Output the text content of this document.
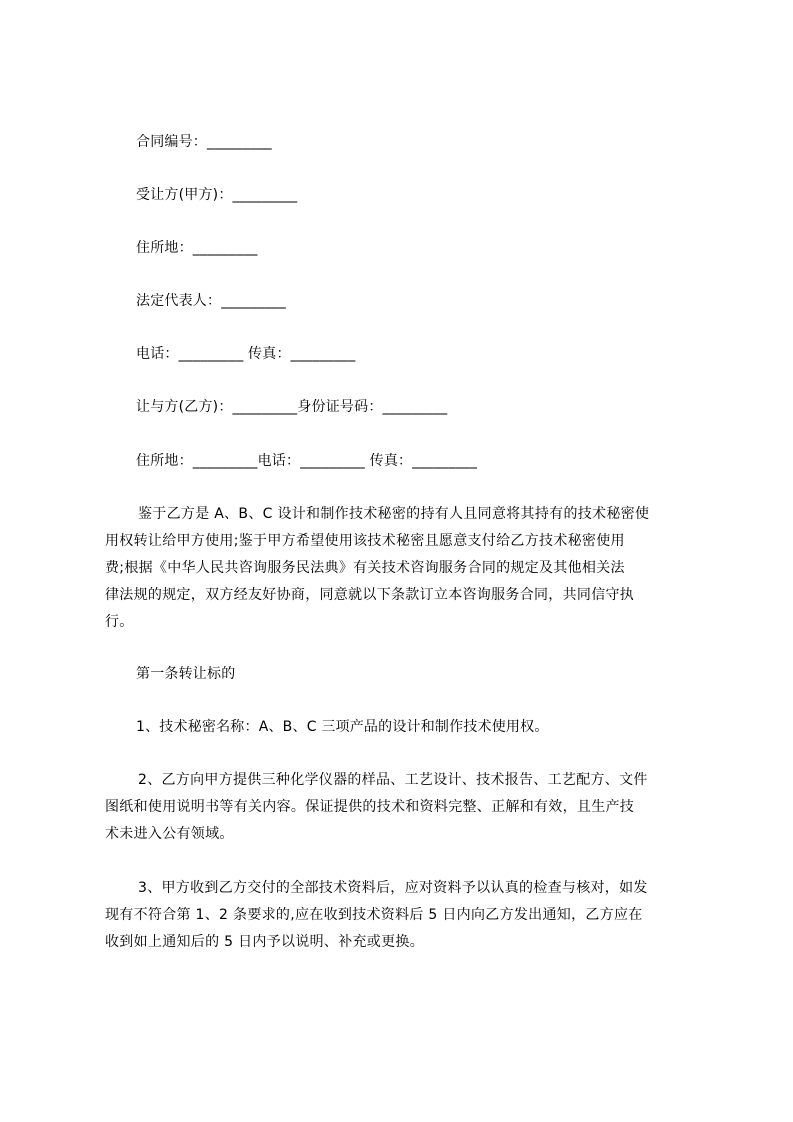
合同编号：_________
受让方(甲方)：_________
住所地：_________
法定代表人：_________
电话：_________ 传真：_________
让与方(乙方)：_________身份证号码：_________
住所地：_________电话：_________ 传真：_________
鉴于乙方是 A、B、C 设计和制作技术秘密的持有人且同意将其持有的技术秘密使
用权转让给甲方使用;鉴于甲方希望使用该技术秘密且愿意支付给乙方技术秘密使用
费;根据《中华人民共咨询服务民法典》有关技术咨询服务合同的规定及其他相关法
律法规的规定，双方经友好协商，同意就以下条款订立本咨询服务合同，共同信守执
行。
第一条转让标的
1、技术秘密名称：A、B、C 三项产品的设计和制作技术使用权。
2、乙方向甲方提供三种化学仪器的样品、工艺设计、技术报告、工艺配方、文件
图纸和使用说明书等有关内容。保证提供的技术和资料完整、正解和有效，且生产技
术未进入公有领域。
3、甲方收到乙方交付的全部技术资料后，应对资料予以认真的检查与核对，如发
现有不符合第 1、2 条要求的,应在收到技术资料后 5 日内向乙方发出通知，乙方应在
收到如上通知后的 5 日内予以说明、补充或更换。
